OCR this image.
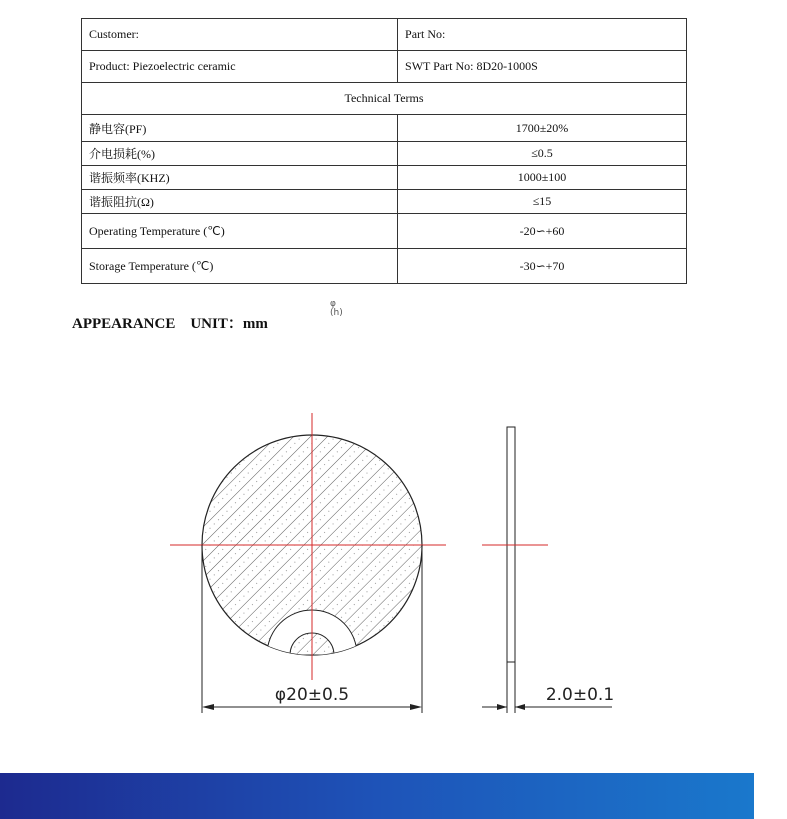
Customer:	Part No:
Product: Piezoelectric ceramic	SWT Part No: 8D20-1000S
Technical Terms	
静电容(PF)	1700±20%
介电损耗(%)	≤0.5
谐振频率(KHZ)	1000±100
谐振阻抗(Ω)	≤15
Operating Temperature (℃)	-20∽+60
Storage Temperature (℃)	-30∽+70
APPEARANCE UNIT：mm
φ
(h)
φ20±0.5	2.0±0.1
